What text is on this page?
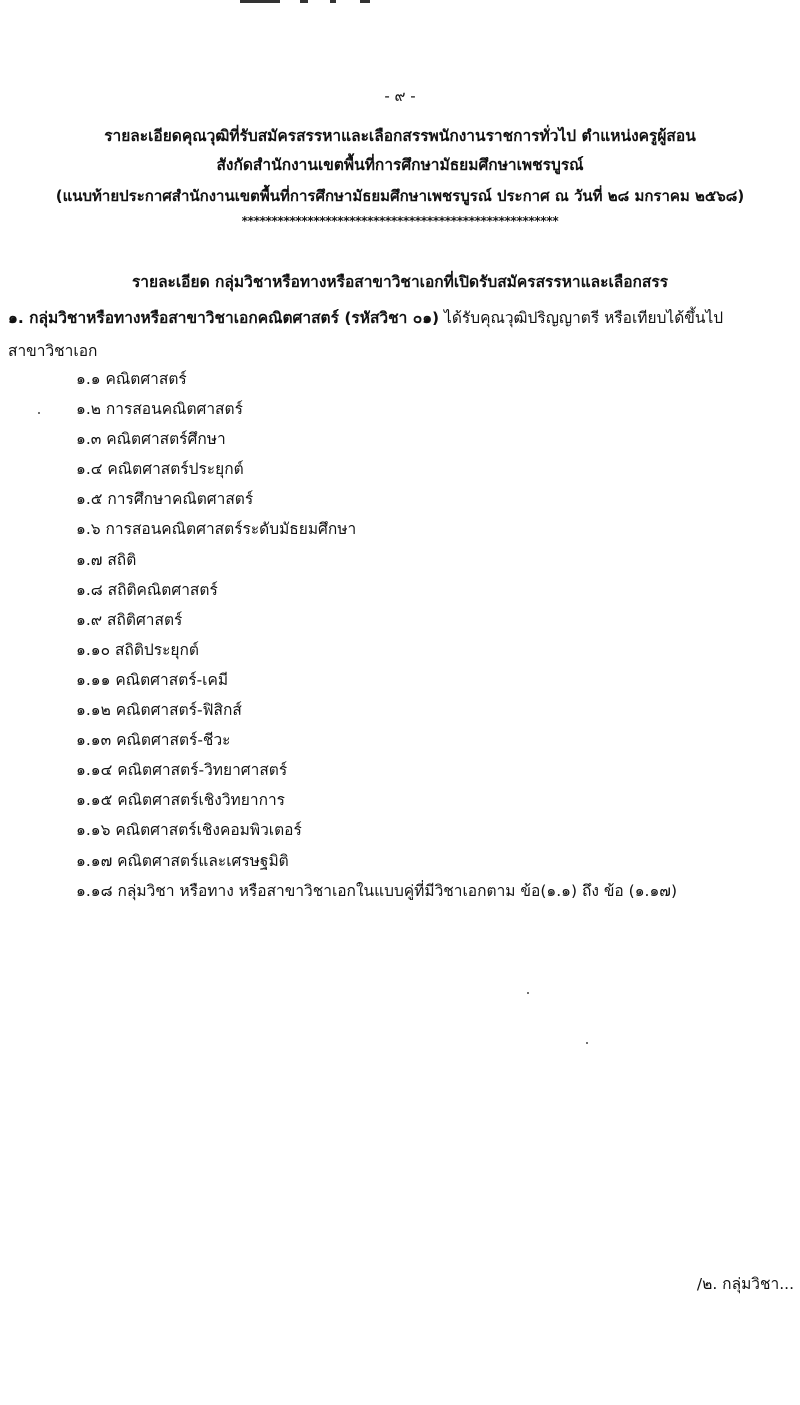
- ๙ -
รายละเอียดคุณวุฒิที่รับสมัครสรรหาและเลือกสรรพนักงานราชการทั่วไป ตำแหน่งครูผู้สอน
สังกัดสำนักงานเขตพื้นที่การศึกษามัธยมศึกษาเพชรบูรณ์
(แนบท้ายประกาศสำนักงานเขตพื้นที่การศึกษามัธยมศึกษาเพชรบูรณ์ ประกาศ ณ วันที่ ๒๘ มกราคม ๒๕๖๘)
*****************************************************
รายละเอียด กลุ่มวิชาหรือทางหรือสาขาวิชาเอกที่เปิดรับสมัครสรรหาและเลือกสรร
๑. กลุ่มวิชาหรือทางหรือสาขาวิชาเอกคณิตศาสตร์ (รหัสวิชา ๐๑) ได้รับคุณวุฒิปริญญาตรี หรือเทียบได้ขึ้นไป
สาขาวิชาเอก
๑.๑ คณิตศาสตร์
๑.๒ การสอนคณิตศาสตร์
๑.๓ คณิตศาสตร์ศึกษา
๑.๔ คณิตศาสตร์ประยุกต์
๑.๕ การศึกษาคณิตศาสตร์
๑.๖ การสอนคณิตศาสตร์ระดับมัธยมศึกษา
๑.๗ สถิติ
๑.๘ สถิติคณิตศาสตร์
๑.๙ สถิติศาสตร์
๑.๑๐ สถิติประยุกต์
๑.๑๑ คณิตศาสตร์-เคมี
๑.๑๒ คณิตศาสตร์-ฟิสิกส์
๑.๑๓ คณิตศาสตร์-ชีวะ
๑.๑๔ คณิตศาสตร์-วิทยาศาสตร์
๑.๑๕ คณิตศาสตร์เชิงวิทยาการ
๑.๑๖ คณิตศาสตร์เชิงคอมพิวเตอร์
๑.๑๗ คณิตศาสตร์และเศรษฐมิติ
๑.๑๘ กลุ่มวิชา หรือทาง หรือสาขาวิชาเอกในแบบคู่ที่มีวิชาเอกตาม ข้อ(๑.๑) ถึง ข้อ (๑.๑๗)
/๒. กลุ่มวิชา...
